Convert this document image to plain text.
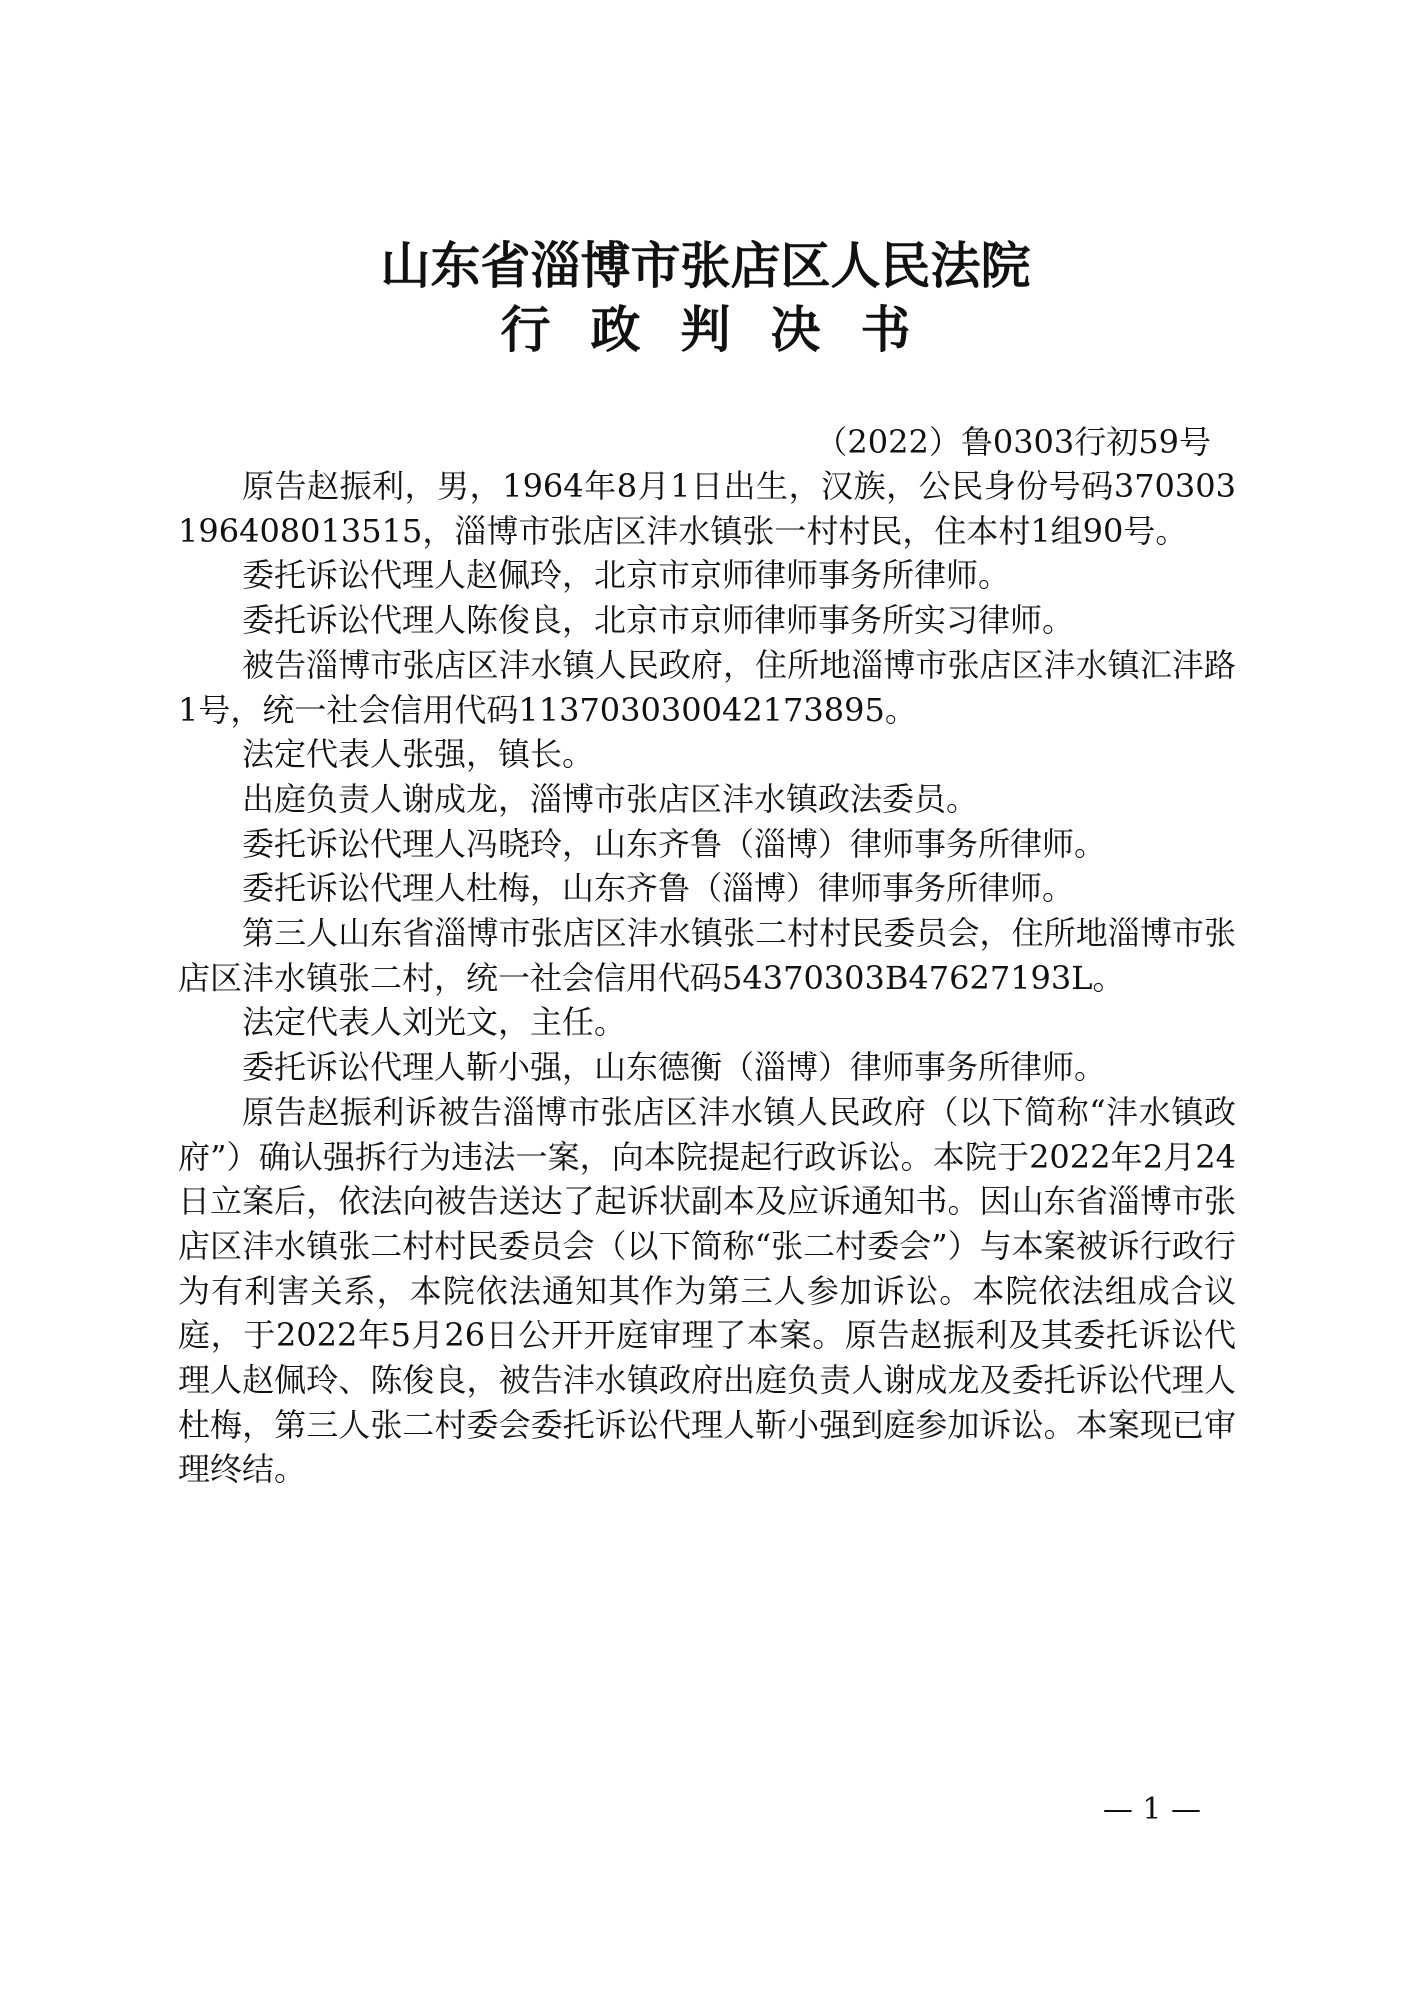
山东省淄博市张店区人民法院
行政判决书
（2022）鲁0303行初59号

原告赵振利，男，1964年8月1日出生，汉族，公民身份号码370303196408013515，淄博市张店区沣水镇张一村村民，住本村1组90号。

委托诉讼代理人赵佩玲，北京市京师律师事务所律师。

委托诉讼代理人陈俊良，北京市京师律师事务所实习律师。

被告淄博市张店区沣水镇人民政府，住所地淄博市张店区沣水镇汇沣路1号，统一社会信用代码11370303004217389​5。

法定代表人张强，镇长。

出庭负责人谢成龙，淄博市张店区沣水镇政法委员。

委托诉讼代理人冯晓玲，山东齐鲁（淄博）律师事务所律师。

委托诉讼代理人杜梅，山东齐鲁（淄博）律师事务所律师。

第三人山东省淄博市张店区沣水镇张二村村民委员会，住所地淄博市张店区沣水镇张二村，统一社会信用代码54370303B47627193L。

法定代表人刘光文，主任。

委托诉讼代理人靳小强，山东德衡（淄博）律师事务所律师。

原告赵振利诉被告淄博市张店区沣水镇人民政府（以下简称“沣水镇政府”）确认强拆行为违法一案，向本院提起行政诉讼。本院于2022年2月24日立案后，依法向被告送达了起诉状副本及应诉通知书。因山东省淄博市张店区沣水镇张二村村民委员会（以下简称“张二村委会”）与本案被诉行政行为有利害关系，本院依法通知其作为第三人参加诉讼。本院依法组成合议庭，于2022年5月26日公开开庭审理了本案。原告赵振利及其委托诉讼代理人赵佩玲、陈俊良，被告沣水镇政府出庭负责人谢成龙及委托诉讼代理人杜梅，第三人张二村委会委托诉讼代理人靳小强到庭参加诉讼。本案现已审理终结。

— 1 —
